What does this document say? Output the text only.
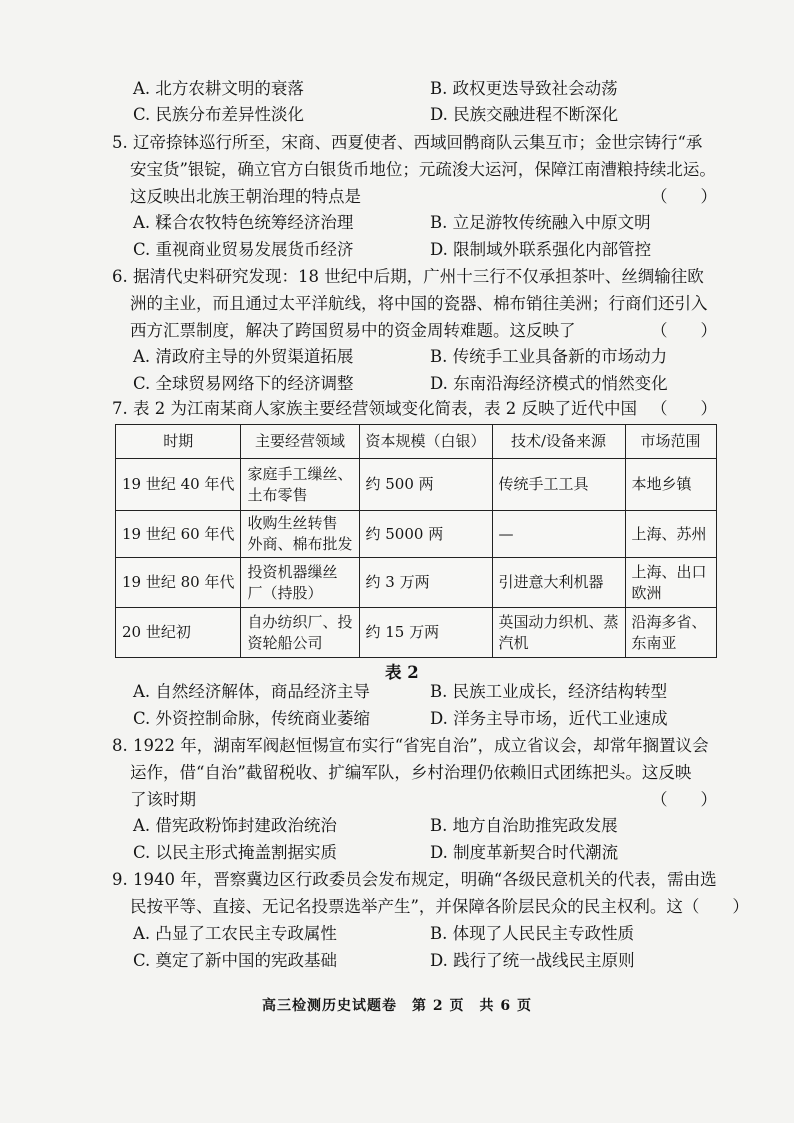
A. 北方农耕文明的衰落	B. 政权更迭导致社会动荡
C. 民族分布差异性淡化	D. 民族交融进程不断深化
5. 辽帝捺钵巡行所至，宋商、西夏使者、西域回鹘商队云集互市；金世宗铸行“承
安宝货”银锭，确立官方白银货币地位；元疏浚大运河，保障江南漕粮持续北运。
这反映出北族王朝治理的特点是	（　　）
A. 糅合农牧特色统筹经济治理	B. 立足游牧传统融入中原文明
C. 重视商业贸易发展货币经济	D. 限制域外联系强化内部管控
6. 据清代史料研究发现：18 世纪中后期，广州十三行不仅承担茶叶、丝绸输往欧
洲的主业，而且通过太平洋航线，将中国的瓷器、棉布销往美洲；行商们还引入
西方汇票制度，解决了跨国贸易中的资金周转难题。这反映了	（　　）
A. 清政府主导的外贸渠道拓展	B. 传统手工业具备新的市场动力
C. 全球贸易网络下的经济调整	D. 东南沿海经济模式的悄然变化
7. 表 2 为江南某商人家族主要经营领域变化简表，表 2 反映了近代中国 （　　）
时期	主要经营领域	资本规模（白银）	技术/设备来源	市场范围
19 世纪 40 年代	家庭手工缫丝、
土布零售	约 500 两	传统手工工具	本地乡镇

19 世纪 60 年代	收购生丝转售
外商、棉布批发	约 5000 两	—	上海、苏州

19 世纪 80 年代	投资机器缫丝
厂（持股）	约 3 万两	引进意大利机器	上海、出口
欧洲
20 世纪初	自办纺织厂、投
资轮船公司	约 15 万两	英国动力织机、蒸
汽机	沿海多省、
东南亚
表 2
A. 自然经济解体，商品经济主导	B. 民族工业成长，经济结构转型
C. 外资控制命脉，传统商业萎缩	D. 洋务主导市场，近代工业速成
8. 1922 年，湖南军阀赵恒惕宣布实行“省宪自治”，成立省议会，却常年搁置议会
运作，借“自治”截留税收、扩编军队，乡村治理仍依赖旧式团练把头。这反映
了该时期	（　　）
A. 借宪政粉饰封建政治统治	B. 地方自治助推宪政发展
C. 以民主形式掩盖割据实质	D. 制度革新契合时代潮流
9. 1940 年，晋察冀边区行政委员会发布规定，明确“各级民意机关的代表，需由选
民按平等、直接、无记名投票选举产生”，并保障各阶层民众的民主权利。这（　　）
A. 凸显了工农民主专政属性	B. 体现了人民民主专政性质
C. 奠定了新中国的宪政基础	D. 践行了统一战线民主原则
高三检测历史试题卷　第 2 页　共 6 页
